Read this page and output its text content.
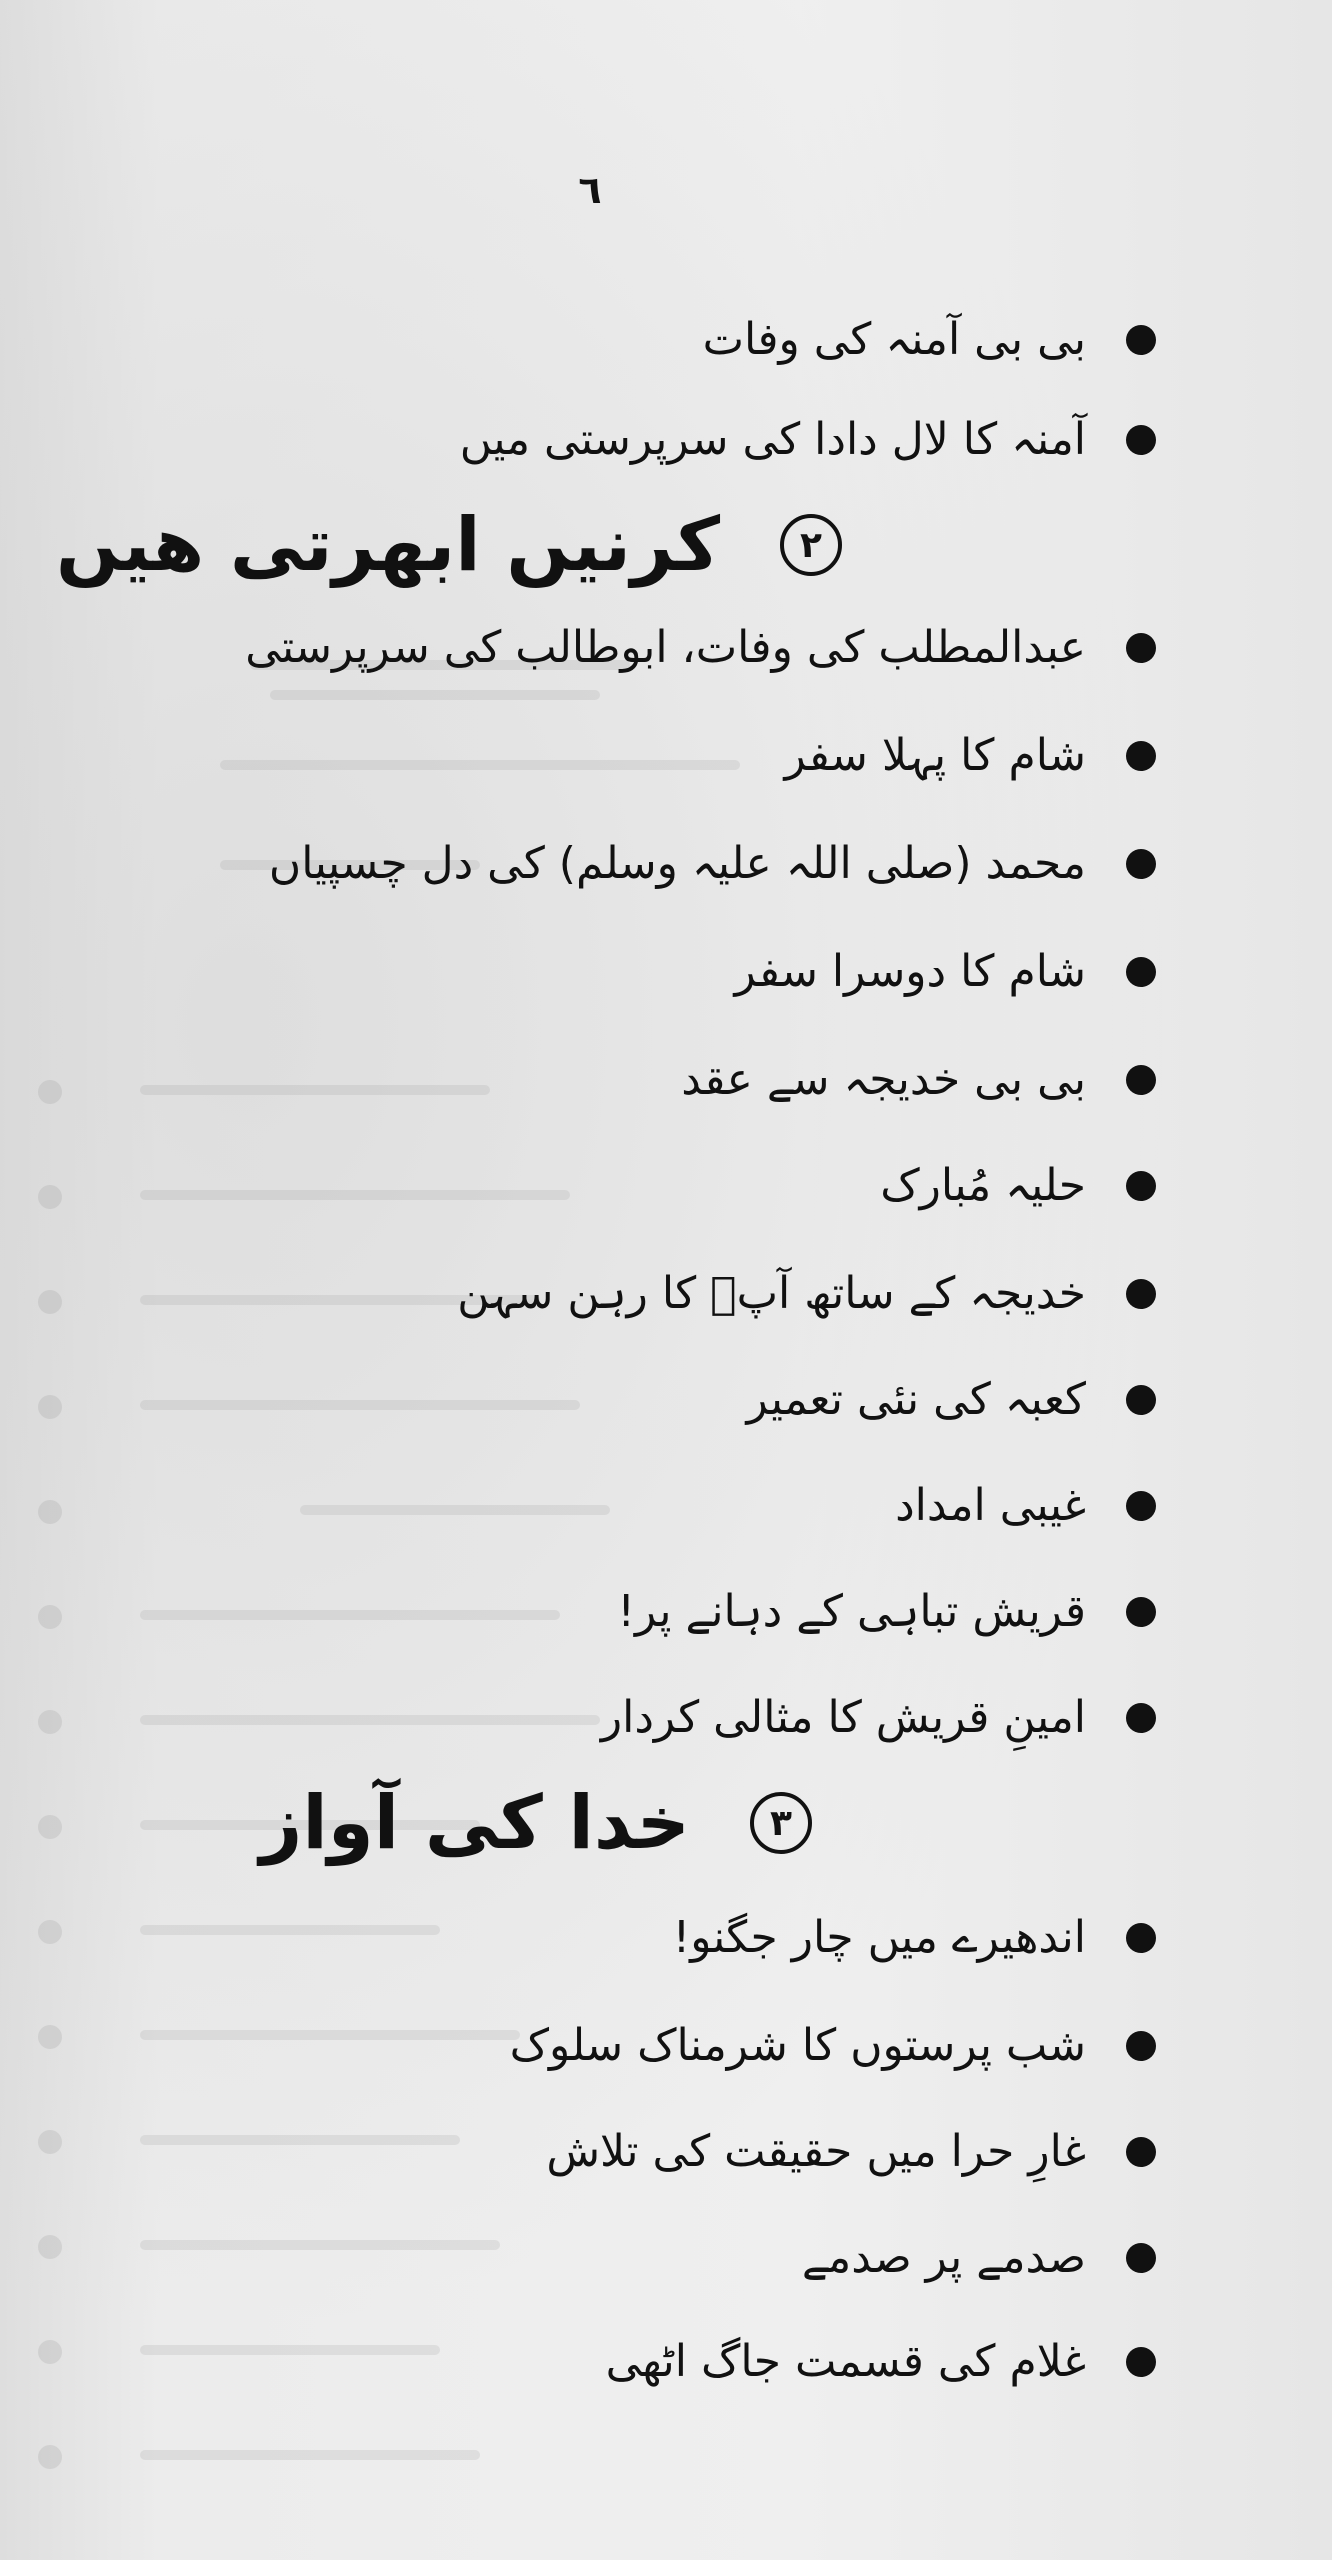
٦
بی بی آمنہ کی وفات
آمنہ کا لال دادا کی سرپرستی میں
۲
کرنیں ابھرتی ھیں
عبدالمطلب کی وفات، ابوطالب کی سرپرستی
شام کا پہلا سفر
محمد (صلی اللہ علیہ وسلم) کی دل چسپیاں
شام کا دوسرا سفر
بی بی خدیجہ سے عقد
حلیہ مُبارک
خدیجہ کے ساتھ آپؐ کا رہن سہن
کعبہ کی نئی تعمیر
غیبی امداد
قریش تباہی کے دہانے پر!
امینِ قریش کا مثالی کردار
۳
خدا کی آواز
اندھیرے میں چار جگنو!
شب پرستوں کا شرمناک سلوک
غارِ حرا میں حقیقت کی تلاش
صدمے پر صدمے
غلام کی قسمت جاگ اٹھی
